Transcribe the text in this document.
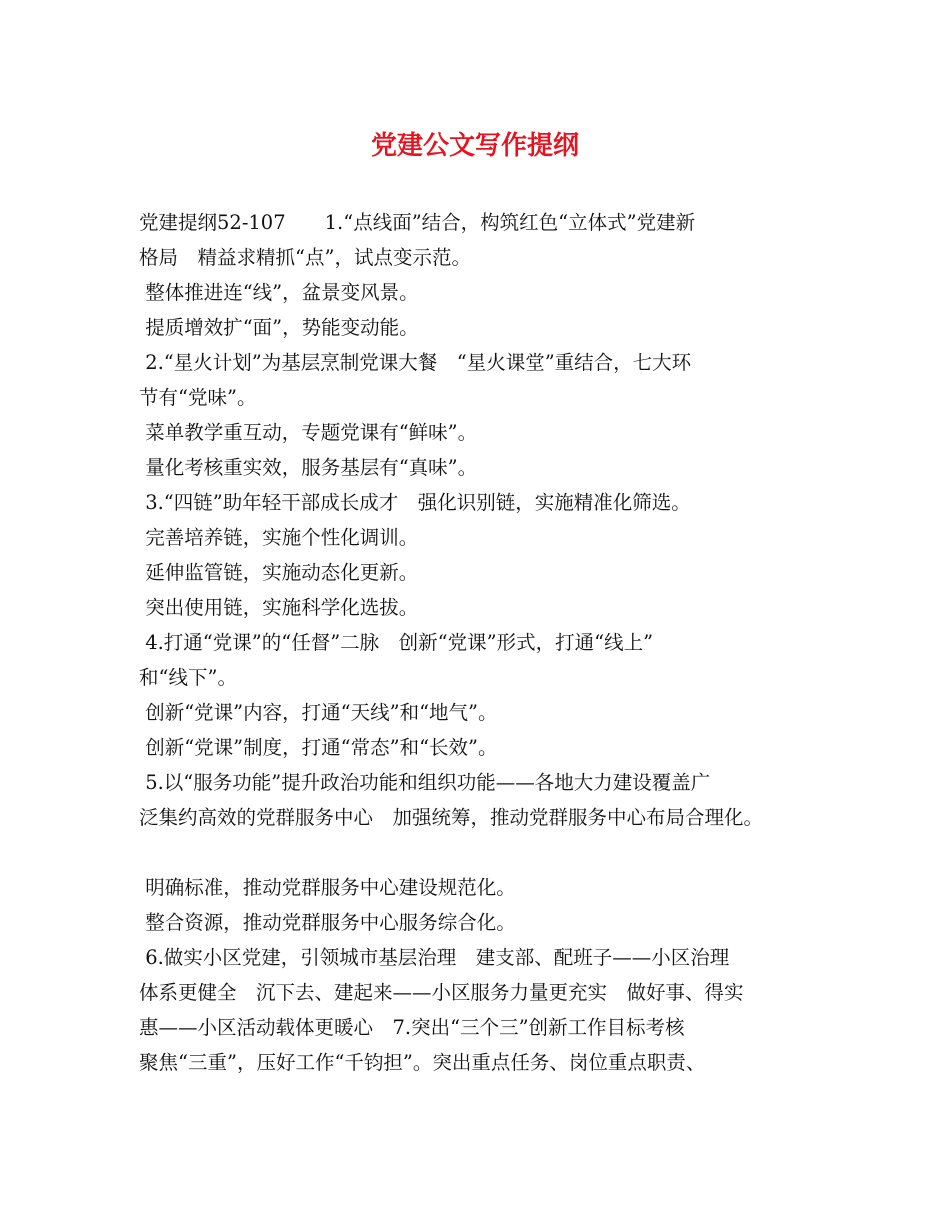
党建公文写作提纲
党建提纲52-107　　1.“点线面”结合，构筑红色“立体式”党建新
格局　精益求精抓“点”，试点变示范。
整体推进连“线”，盆景变风景。
提质增效扩“面”，势能变动能。
2.“星火计划”为基层烹制党课大餐　“星火课堂”重结合，七大环
节有“党味”。
菜单教学重互动，专题党课有“鲜味”。
量化考核重实效，服务基层有“真味”。
3.“四链”助年轻干部成长成才　强化识别链，实施精准化筛选。
完善培养链，实施个性化调训。
延伸监管链，实施动态化更新。
突出使用链，实施科学化选拔。
4.打通“党课”的“任督”二脉　创新“党课”形式，打通“线上”
和“线下”。
创新“党课”内容，打通“天线”和“地气”。
创新“党课”制度，打通“常态”和“长效”。
5.以“服务功能”提升政治功能和组织功能——各地大力建设覆盖广
泛集约高效的党群服务中心　加强统筹，推动党群服务中心布局合理化。
明确标准，推动党群服务中心建设规范化。
整合资源，推动党群服务中心服务综合化。
6.做实小区党建，引领城市基层治理　建支部、配班子——小区治理
体系更健全　沉下去、建起来——小区服务力量更充实　做好事、得实
惠——小区活动载体更暖心　7.突出“三个三”创新工作目标考核　
聚焦“三重”，压好工作“千钧担”。突出重点任务、岗位重点职责、
